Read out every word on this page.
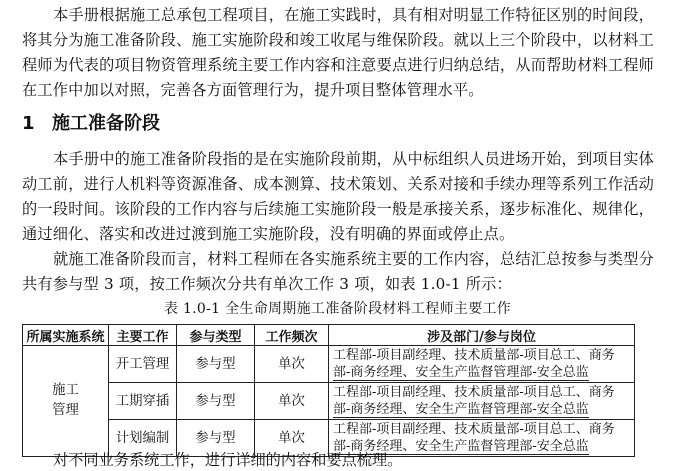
本手册根据施工总承包工程项目，在施工实践时，具有相对明显工作特征区别的时间段，将其分为施工准备阶段、施工实施阶段和竣工收尾与维保阶段。就以上三个阶段中，以材料工程师为代表的项目物资管理系统主要工作内容和注意要点进行归纳总结，从而帮助材料工程师在工作中加以对照，完善各方面管理行为，提升项目整体管理水平。

1 施工准备阶段

本手册中的施工准备阶段指的是在实施阶段前期，从中标组织人员进场开始，到项目实体动工前，进行人机料等资源准备、成本测算、技术策划、关系对接和手续办理等系列工作活动的一段时间。该阶段的工作内容与后续施工实施阶段一般是承接关系，逐步标准化、规律化，通过细化、落实和改进过渡到施工实施阶段，没有明确的界面或停止点。

就施工准备阶段而言，材料工程师在各实施系统主要的工作内容，总结汇总按参与类型分共有参与型 3 项，按工作频次分共有单次工作 3 项，如表 1.0-1 所示：

表 1.0-1 全生命周期施工准备阶段材料工程师主要工作

所属实施系统	主要工作	参与类型	工作频次	涉及部门/参与岗位
施工
管理	开工管理	参与型	单次	工程部-项目副经理、技术质量部-项目总工、商务
部-商务经理、安全生产监督管理部-安全总监
	工期穿插	参与型	单次	工程部-项目副经理、技术质量部-项目总工、商务
部-商务经理、安全生产监督管理部-安全总监
	计划编制	参与型	单次	工程部-项目副经理、技术质量部-项目总工、商务
部-商务经理、安全生产监督管理部-安全总监

对不同业务系统工作，进行详细的内容和要点梳理。
